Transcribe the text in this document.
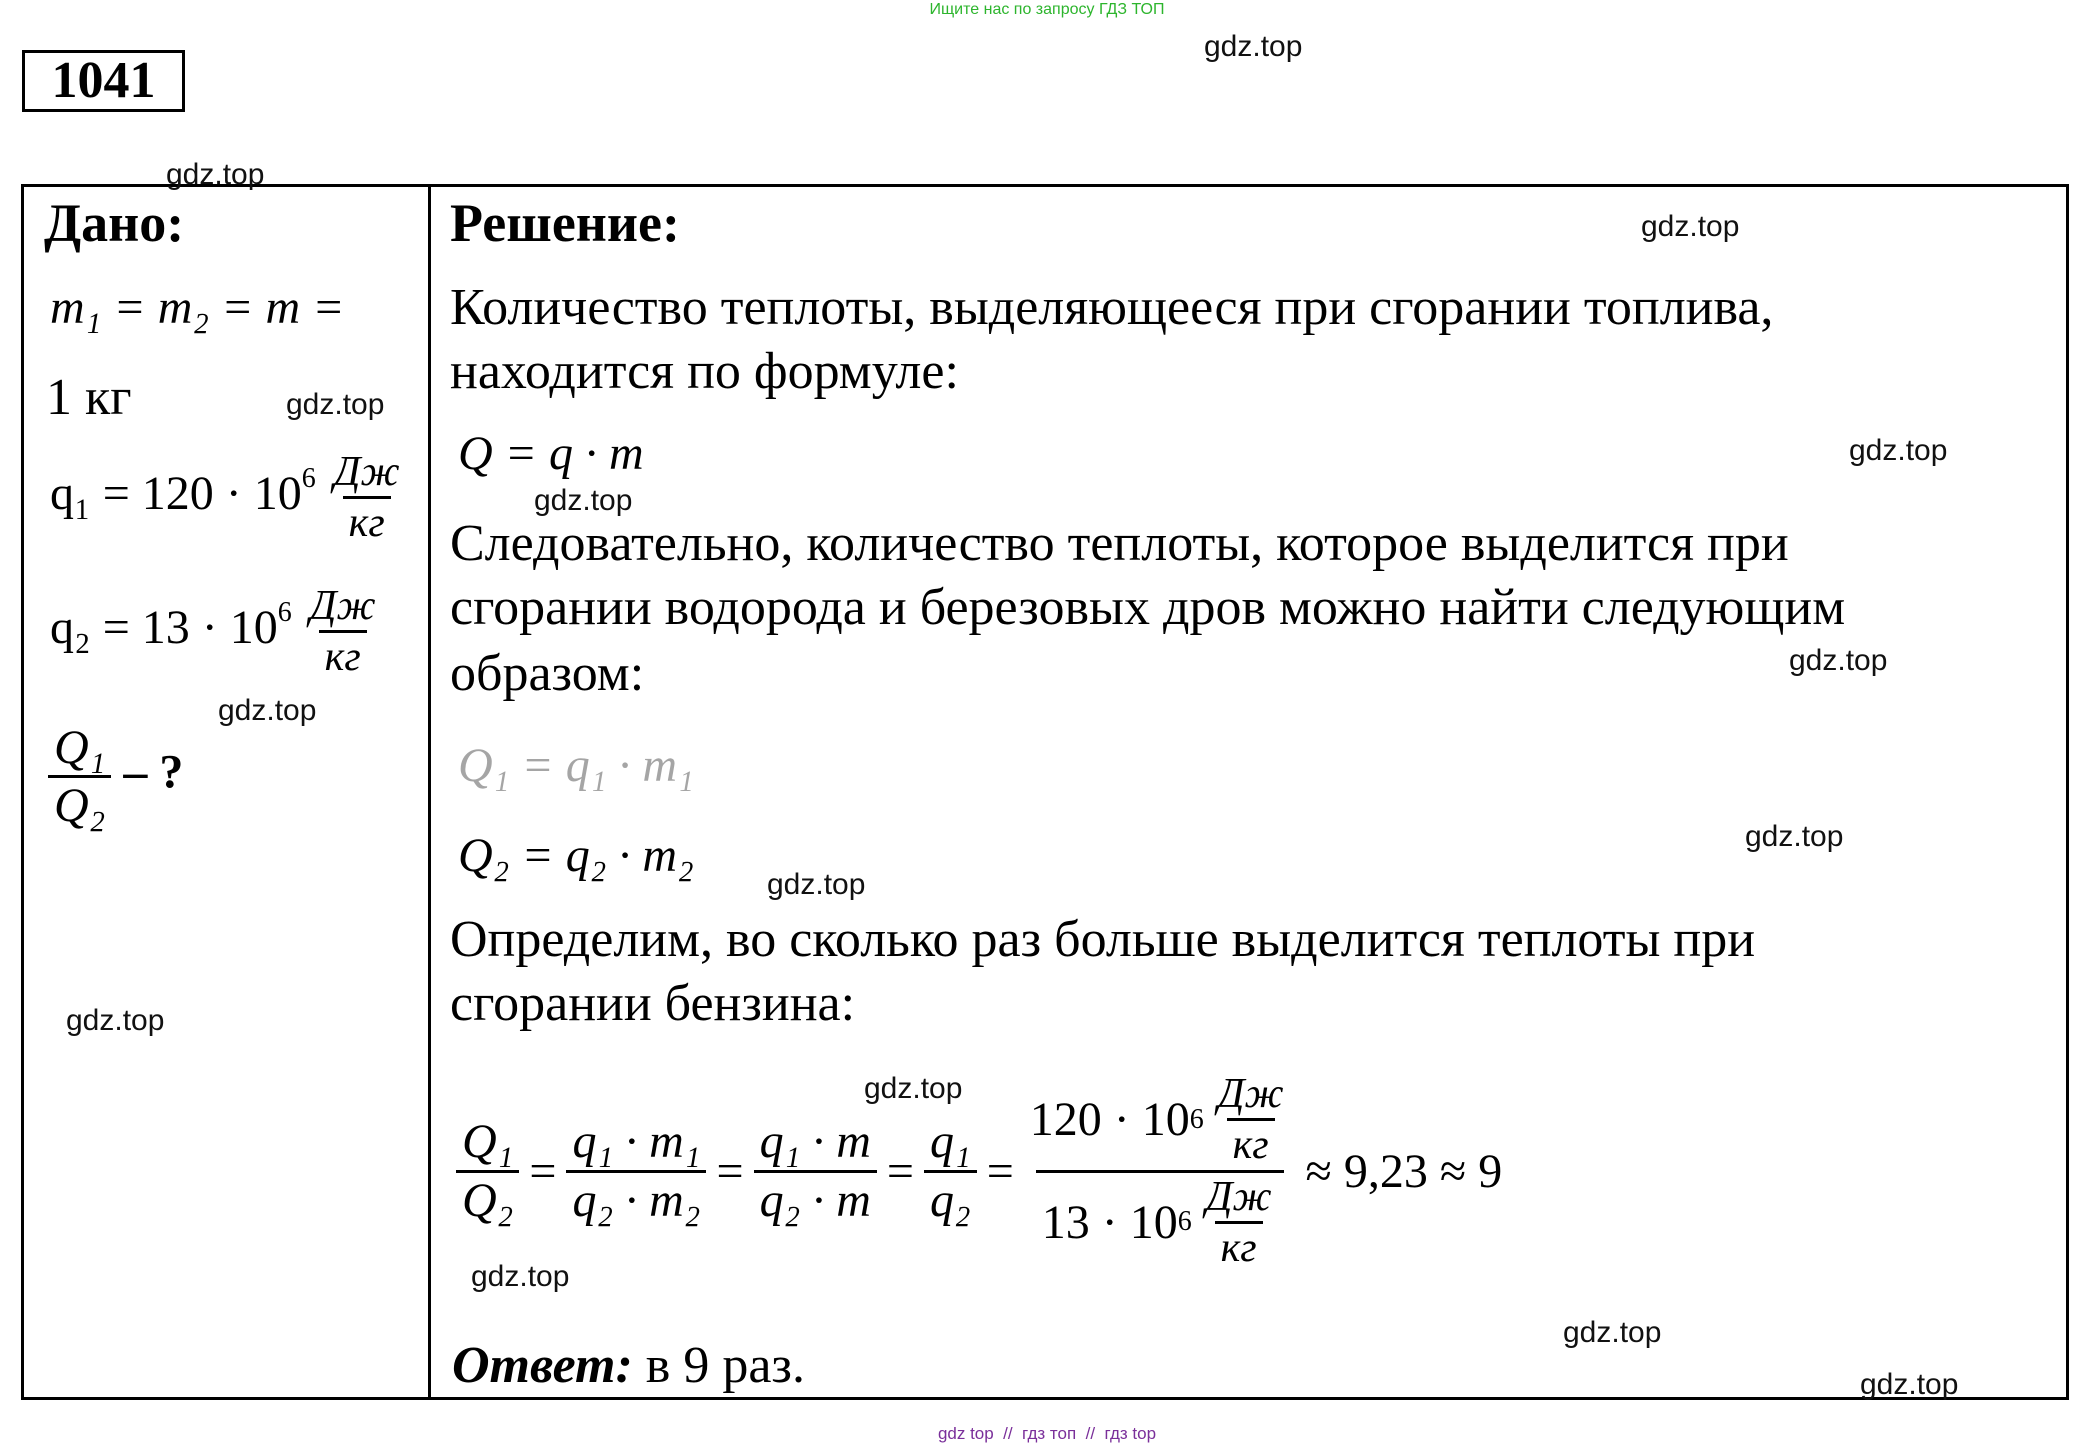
Ищите нас по запросу ГДЗ ТОП
1041
Дано:
m₁ = m₂ = m =
1 кг
$q_1 = 120 \cdot 10^6 \frac{Дж}{кг}$
$q_2 = 13 \cdot 10^6 \frac{Дж}{кг}$
$\frac{\text{Q₁}}{\text{Q₂}}$ – ?
Решение:
Количество теплоты, выделяющееся при сгорании топлива,
находится по формуле:
Q = q · m
Следовательно, количество теплоты, которое выделится при
сгорании водорода и березовых дров можно найти следующим
образом:
Q₁ = q₁ · m₁
Q₂ = q₂ · m₂
Определим, во сколько раз больше выделится теплоты при
сгорании бензина:
$\frac{\text{Q₁}}{\text{Q₂}} = \frac{\text{q₁ · m₁}}{\text{q₂ · m₂}} = \frac{\text{q₁ · m}}{\text{q₂ · m}} = \frac{\text{q₁}}{\text{q₂}} = \frac{120 \cdot 10 6 \frac{Дж}{кг}}{13 \cdot 10 6 \frac{Дж}{кг}} \approx 9,23 \approx 9$
Ответ: в 9 раз.
gdz.top
gdz.top
gdz.top
gdz.top
gdz.top
gdz.top
gdz.top
gdz.top
gdz.top
gdz.top
gdz.top
gdz.top
gdz.top
gdz.top
gdz.top
gdz top  //  гдз топ  //  гдз top
